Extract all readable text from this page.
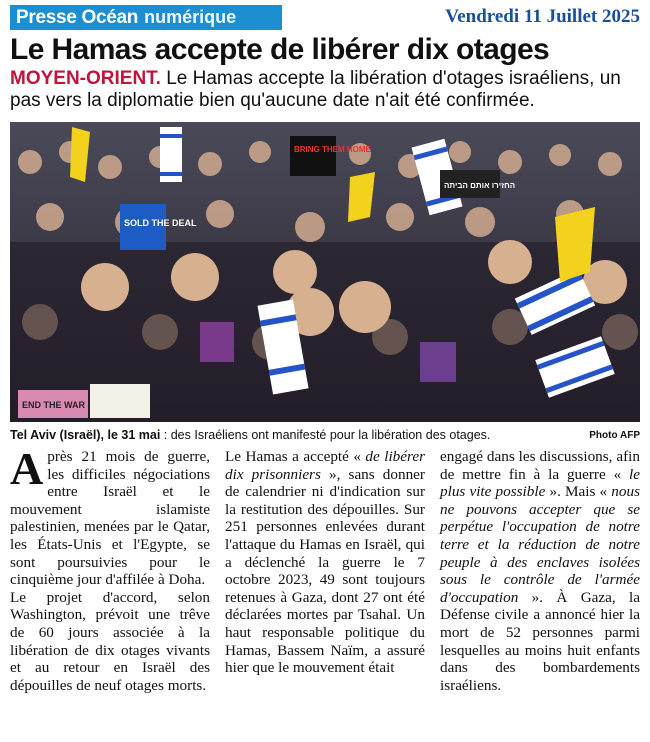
Presse Océan numérique	Vendredi 11 Juillet 2025
Le Hamas accepte de libérer dix otages

MOYEN-ORIENT. Le Hamas accepte la libération d'otages israéliens, un pas vers la diplomatie bien qu'aucune date n'ait été confirmée.

BRING THEM HOME
SOLD THE DEAL
END THE WAR
החזירו אותם הביתה
Tel Aviv (Israël), le 31 mai : des Israéliens ont manifesté pour la libération des otages.	Photo AFP

Après 21 mois de guerre, les difficiles négociations entre Israël et le mouvement islamiste palestinien, menées par le Qatar, les États-Unis et l'Egypte, se sont poursuivies pour le cinquième jour d'affilée à Doha.

Le projet d'accord, selon Washington, prévoit une trêve de 60 jours associée à la libération de dix otages vivants et au retour en Israël des dépouilles de neuf otages morts.

Le Hamas a accepté « de libérer dix prisonniers », sans donner de calendrier ni d'indication sur la restitution des dépouilles. Sur 251 personnes enlevées durant l'attaque du Hamas en Israël, qui a déclenché la guerre le 7 octobre 2023, 49 sont toujours retenues à Gaza, dont 27 ont été déclarées mortes par Tsahal. Un haut responsable politique du Hamas, Bassem Naïm, a assuré hier que le mouvement était

engagé dans les discussions, afin de mettre fin à la guerre « le plus vite possible ». Mais « nous ne pouvons accepter que se perpétue l'occupation de notre terre et la réduction de notre peuple à des enclaves isolées sous le contrôle de l'armée d'occupation ». À Gaza, la Défense civile a annoncé hier la mort de 52 personnes parmi lesquelles au moins huit enfants dans des bombardements israéliens.
